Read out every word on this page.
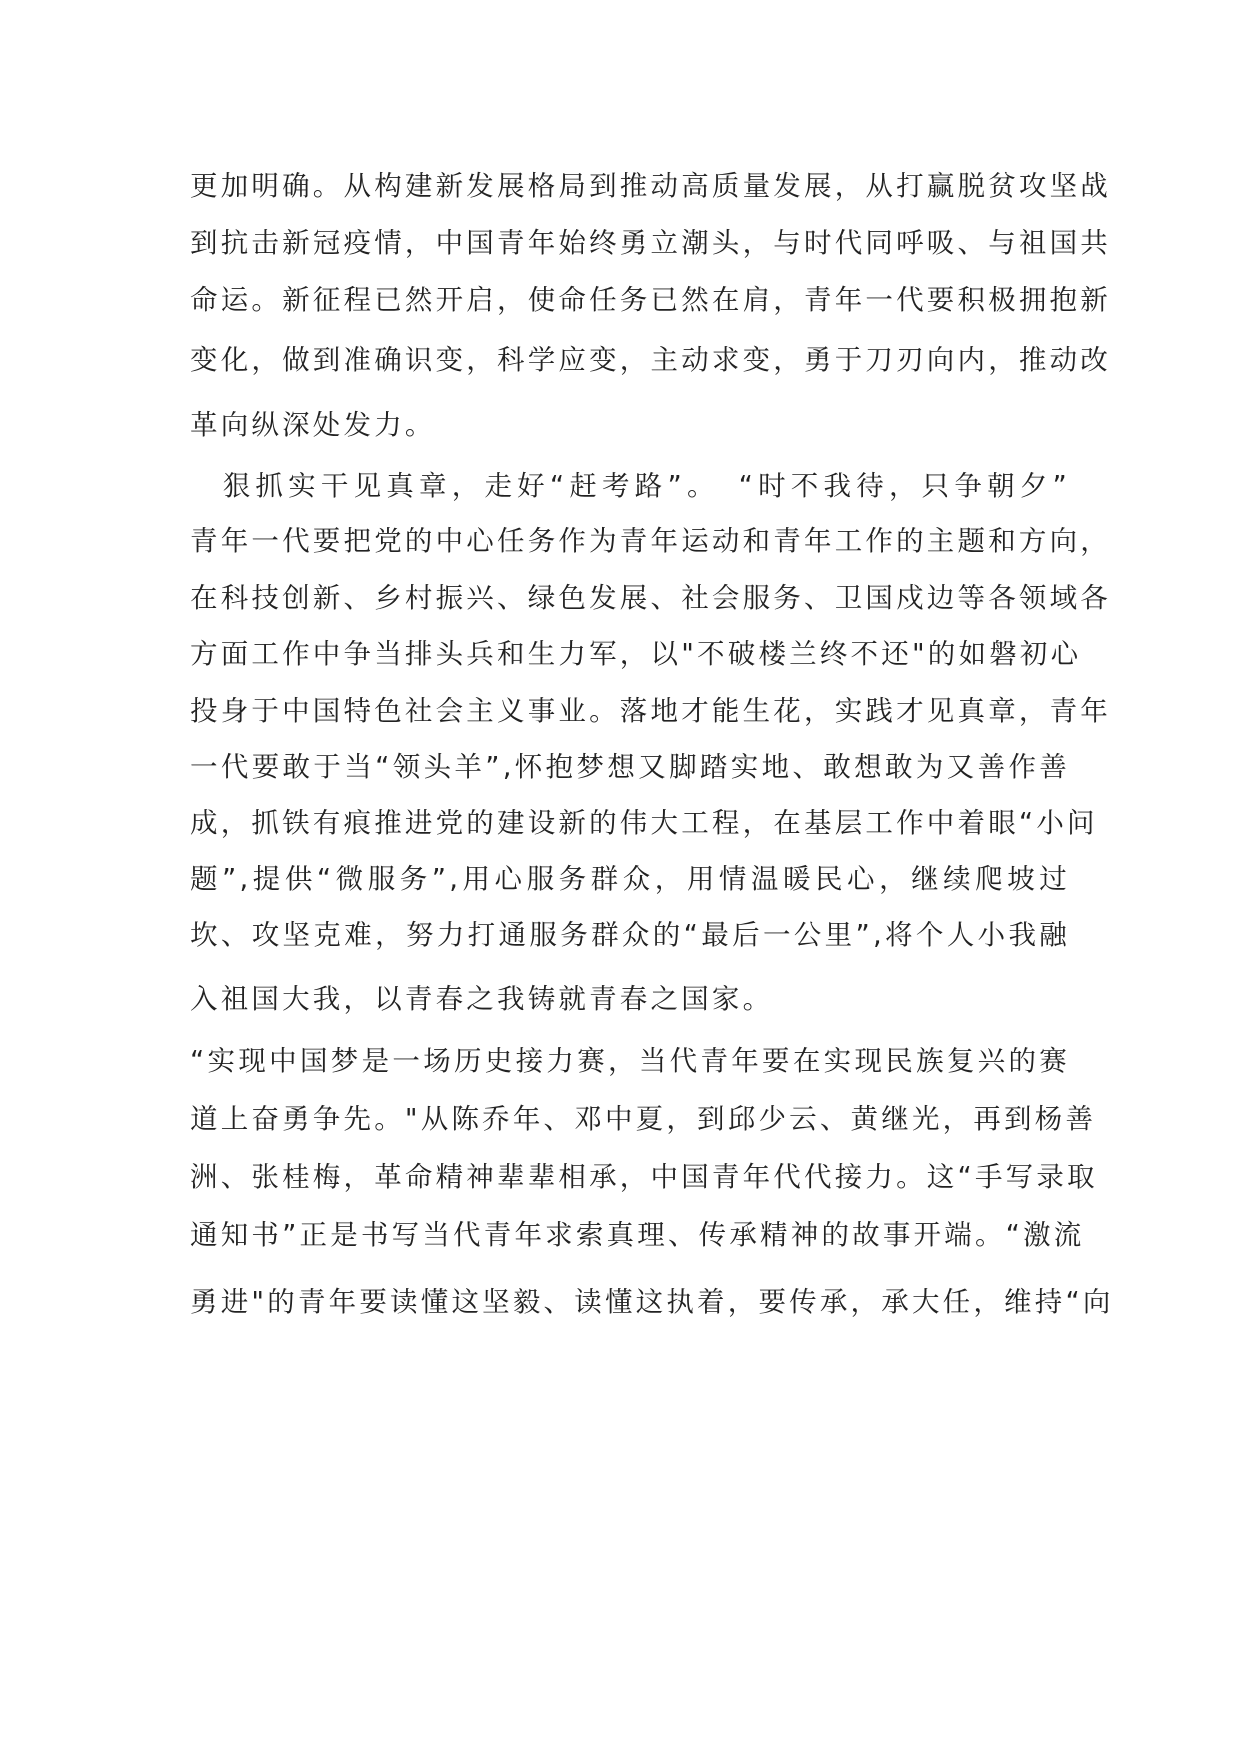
更加明确。从构建新发展格局到推动高质量发展，从打赢脱贫攻坚战
到抗击新冠疫情，中国青年始终勇立潮头，与时代同呼吸、与祖国共
命运。新征程已然开启，使命任务已然在肩，青年一代要积极拥抱新
变化，做到准确识变，科学应变，主动求变，勇于刀刃向内，推动改
革向纵深处发力。
　狠抓实干见真章，走好“赶考路”。　“时不我待，只争朝夕”
青年一代要把党的中心任务作为青年运动和青年工作的主题和方向，
在科技创新、乡村振兴、绿色发展、社会服务、卫国戍边等各领域各
方面工作中争当排头兵和生力军，以"不破楼兰终不还"的如磐初心
投身于中国特色社会主义事业。落地才能生花，实践才见真章，青年
一代要敢于当“领头羊”,怀抱梦想又脚踏实地、敢想敢为又善作善
成，抓铁有痕推进党的建设新的伟大工程，在基层工作中着眼“小问
题”,提供“微服务”,用心服务群众，用情温暖民心，继续爬坡过
坎、攻坚克难，努力打通服务群众的“最后一公里”,将个人小我融
入祖国大我，以青春之我铸就青春之国家。
“实现中国梦是一场历史接力赛，当代青年要在实现民族复兴的赛
道上奋勇争先。"从陈乔年、邓中夏，到邱少云、黄继光，再到杨善
洲、张桂梅，革命精神辈辈相承，中国青年代代接力。这“手写录取
通知书”正是书写当代青年求索真理、传承精神的故事开端。“激流
勇进"的青年要读懂这坚毅、读懂这执着，要传承，承大任，维持“向
